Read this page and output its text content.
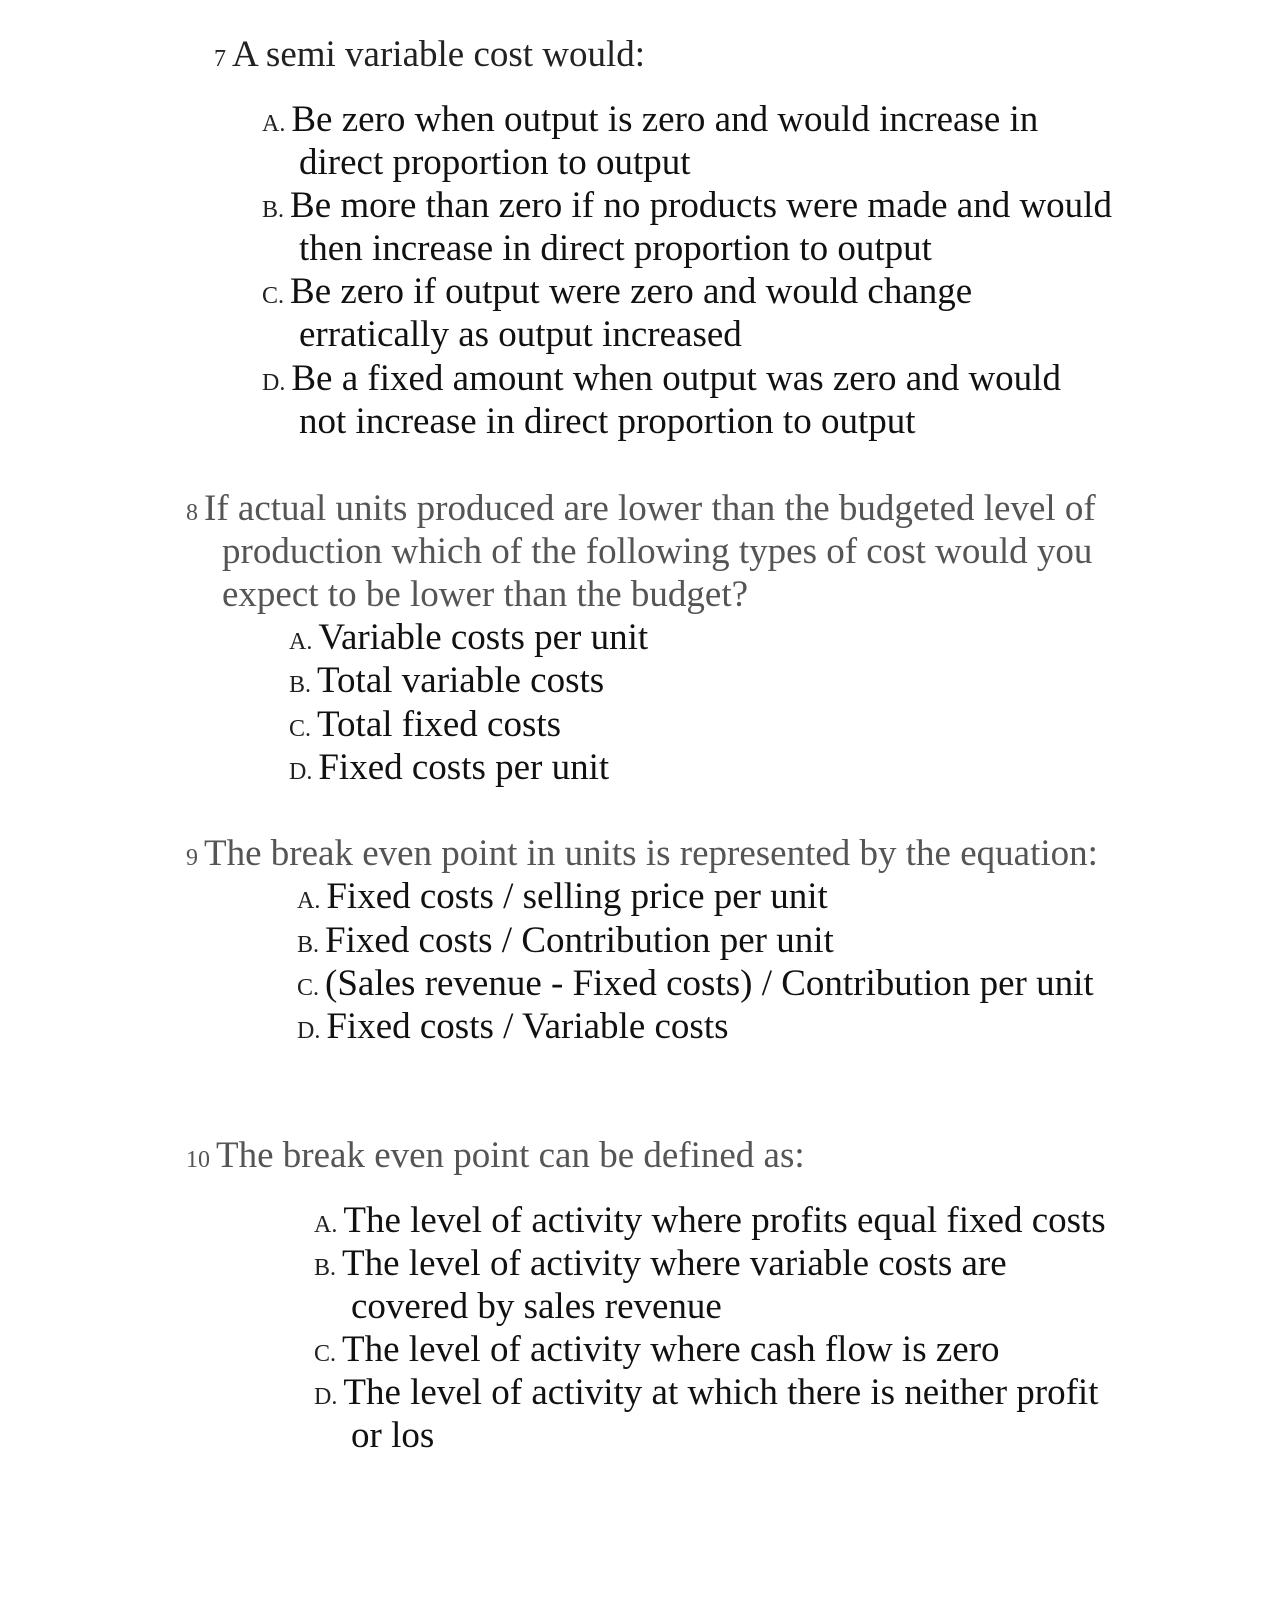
7 A semi variable cost would:
A. Be zero when output is zero and would increase in
direct proportion to output
B. Be more than zero if no products were made and would
then increase in direct proportion to output
C. Be zero if output were zero and would change
erratically as output increased
D. Be a fixed amount when output was zero and would
not increase in direct proportion to output
8 If actual units produced are lower than the budgeted level of
production which of the following types of cost would you
expect to be lower than the budget?
A. Variable costs per unit
B. Total variable costs
C. Total fixed costs
D. Fixed costs per unit
9 The break even point in units is represented by the equation:
A. Fixed costs / selling price per unit
B. Fixed costs / Contribution per unit
C. (Sales revenue - Fixed costs) / Contribution per unit
D. Fixed costs / Variable costs
10 The break even point can be defined as:
A. The level of activity where profits equal fixed costs
B. The level of activity where variable costs are
covered by sales revenue
C. The level of activity where cash flow is zero
D. The level of activity at which there is neither profit
or los
